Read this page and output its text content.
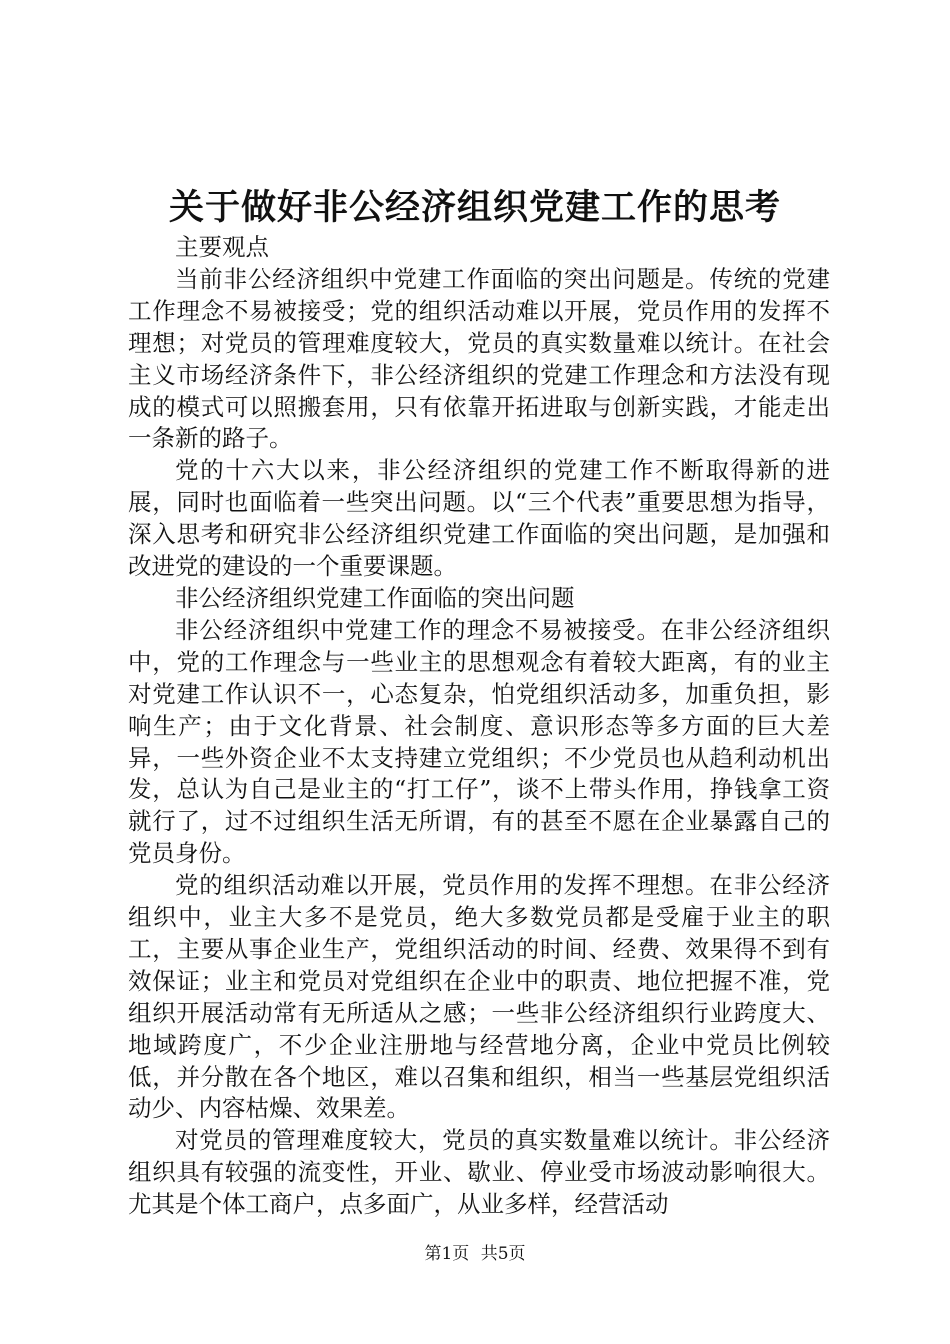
关于做好非公经济组织党建工作的思考

主要观点

当前非公经济组织中党建工作面临的突出问题是。传统的党建工作理念不易被接受；党的组织活动难以开展，党员作用的发挥不理想；对党员的管理难度较大，党员的真实数量难以统计。在社会主义市场经济条件下，非公经济组织的党建工作理念和方法没有现成的模式可以照搬套用，只有依靠开拓进取与创新实践，才能走出一条新的路子。

党的十六大以来，非公经济组织的党建工作不断取得新的进展，同时也面临着一些突出问题。以“三个代表”重要思想为指导，深入思考和研究非公经济组织党建工作面临的突出问题，是加强和改进党的建设的一个重要课题。

非公经济组织党建工作面临的突出问题

非公经济组织中党建工作的理念不易被接受。在非公经济组织中，党的工作理念与一些业主的思想观念有着较大距离，有的业主对党建工作认识不一，心态复杂，怕党组织活动多，加重负担，影响生产；由于文化背景、社会制度、意识形态等多方面的巨大差异，一些外资企业不太支持建立党组织；不少党员也从趋利动机出发，总认为自己是业主的“打工仔”，谈不上带头作用，挣钱拿工资就行了，过不过组织生活无所谓，有的甚至不愿在企业暴露自己的党员身份。

党的组织活动难以开展，党员作用的发挥不理想。在非公经济组织中，业主大多不是党员，绝大多数党员都是受雇于业主的职工，主要从事企业生产，党组织活动的时间、经费、效果得不到有效保证；业主和党员对党组织在企业中的职责、地位把握不准，党组织开展活动常有无所适从之感；一些非公经济组织行业跨度大、地域跨度广，不少企业注册地与经营地分离，企业中党员比例较低，并分散在各个地区，难以召集和组织，相当一些基层党组织活动少、内容枯燥、效果差。

对党员的管理难度较大，党员的真实数量难以统计。非公经济组织具有较强的流变性，开业、歇业、停业受市场波动影响很大。尤其是个体工商户，点多面广，从业多样，经营活动

第1页 共5页
